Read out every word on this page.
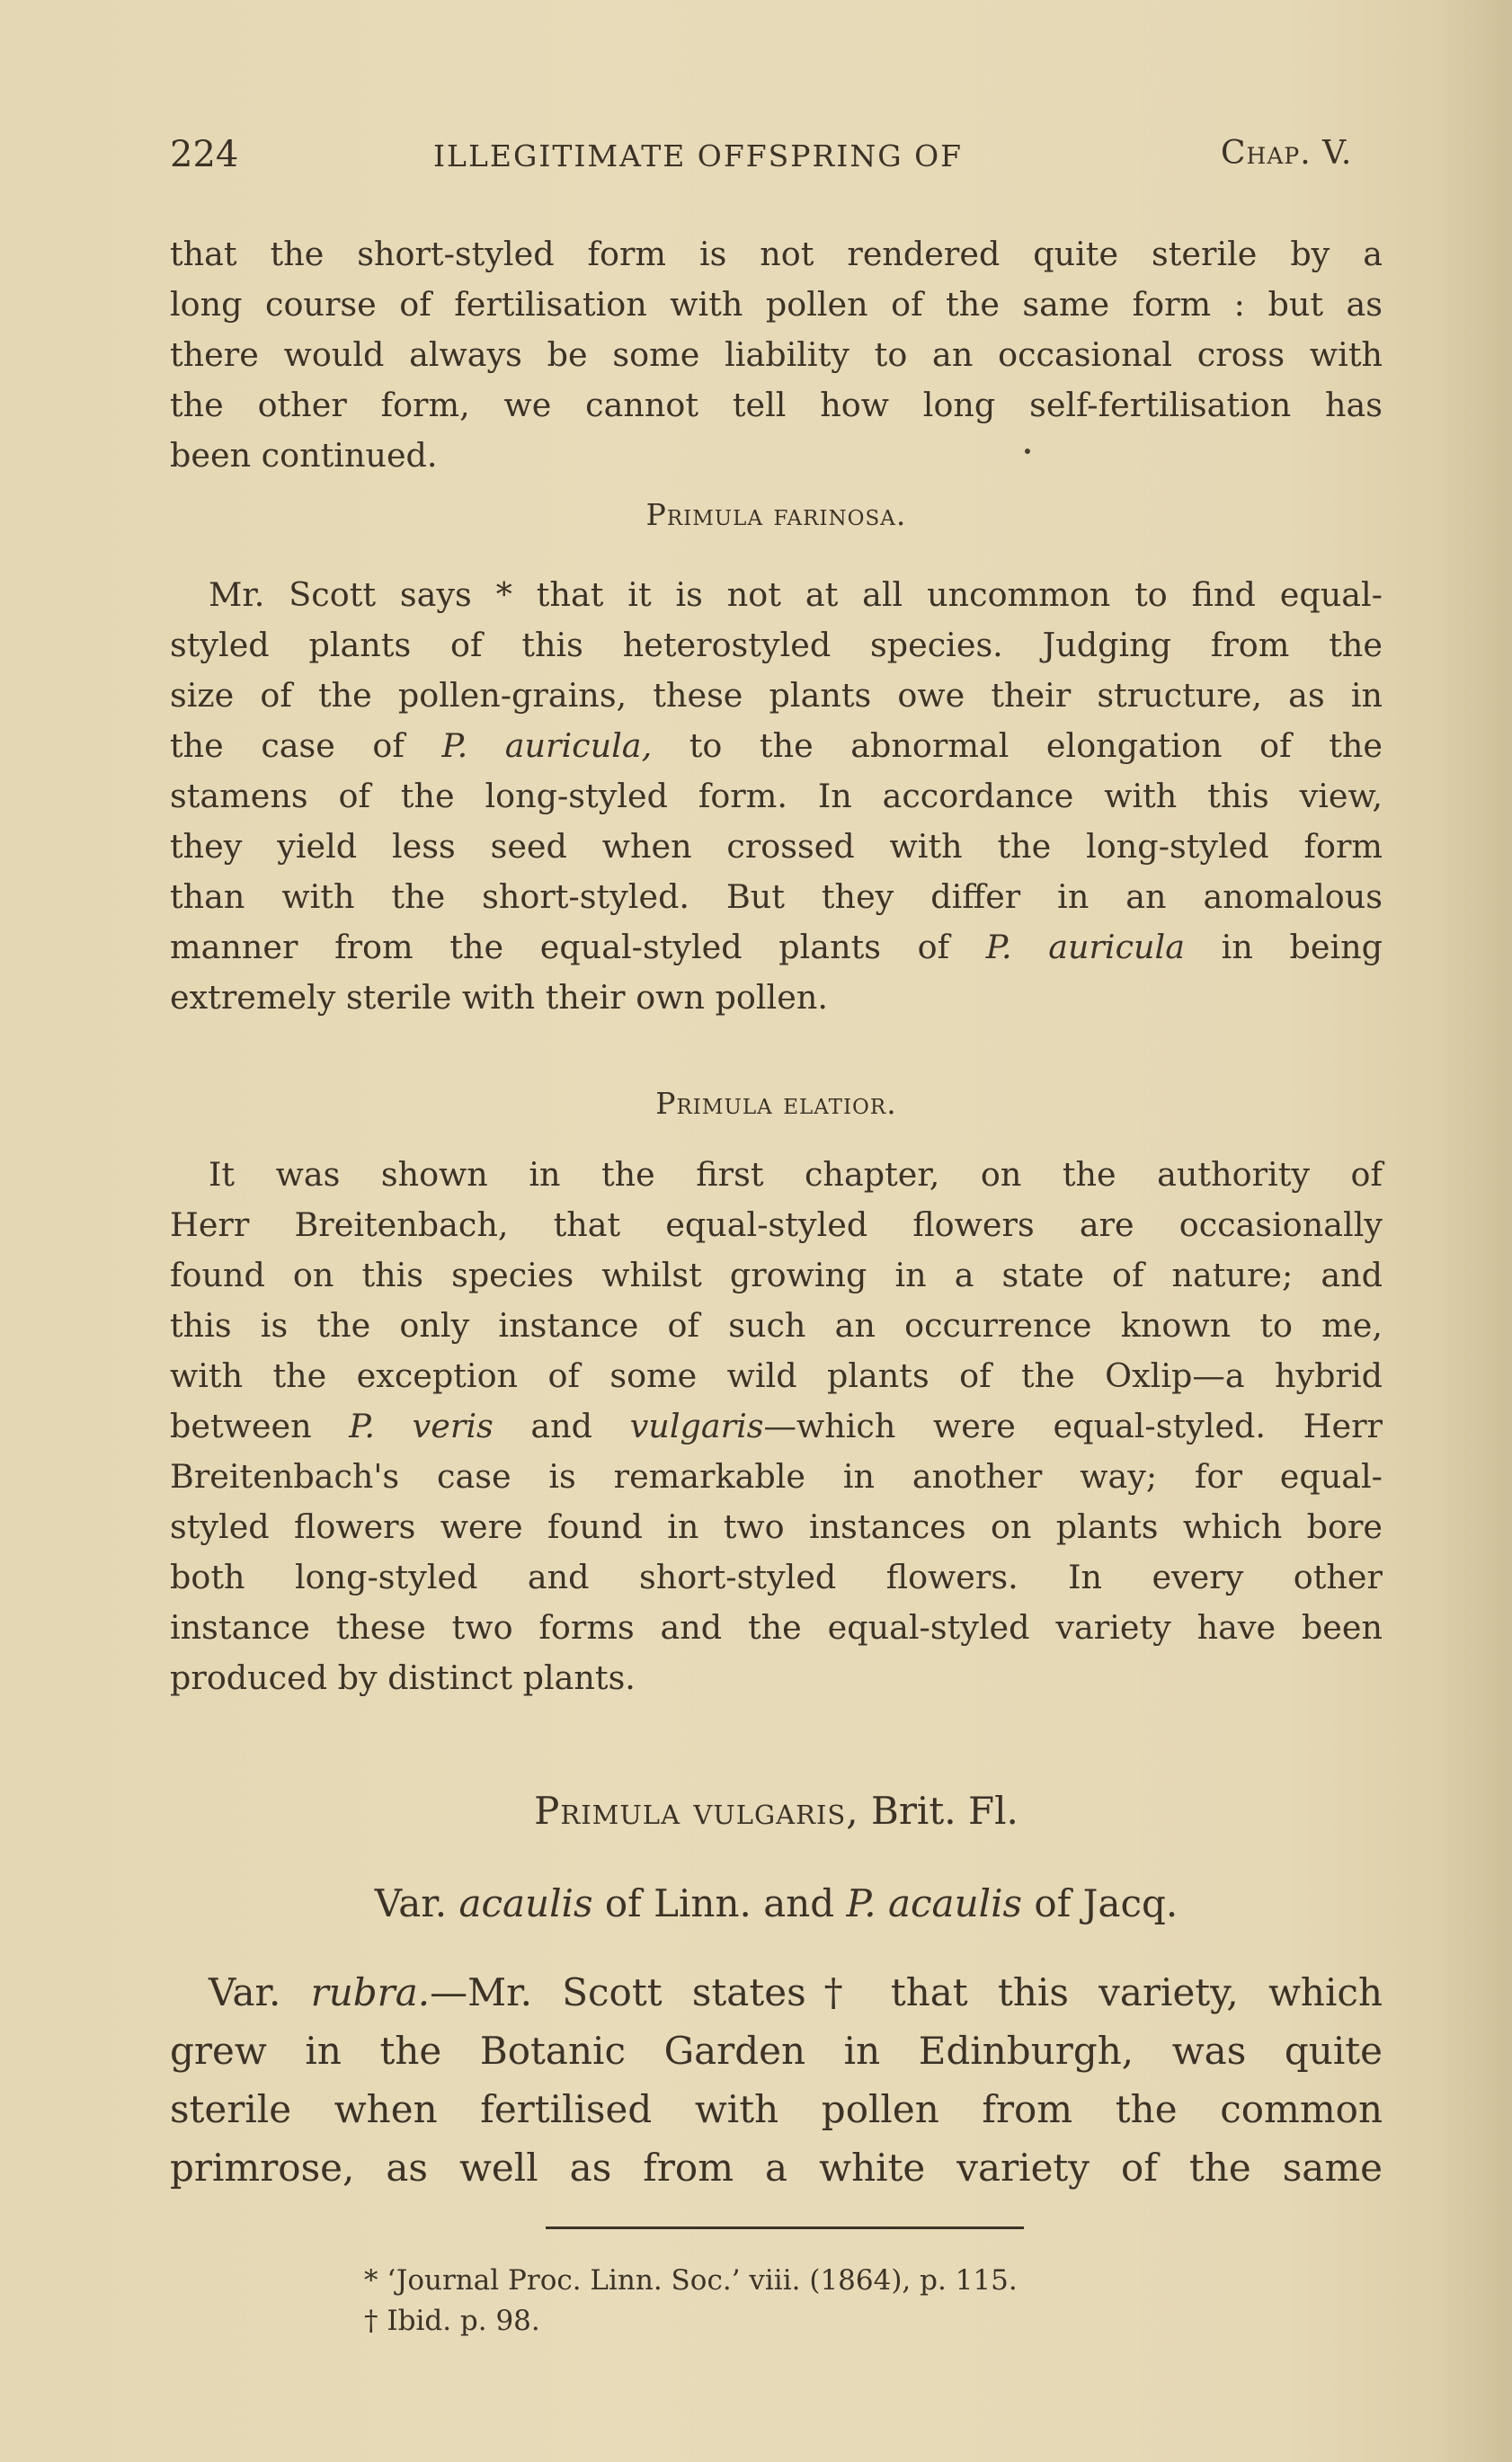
224	ILLEGITIMATE OFFSPRING OF	Chap. V.
that the short-styled form is not rendered quite sterile by a
long course of fertilisation with pollen of the same form : but as
there would always be some liability to an occasional cross with
the other form, we cannot tell how long self-fertilisation has
been continued.
Primula farinosa.
Mr. Scott says * that it is not at all uncommon to find equal-
styled plants of this heterostyled species. Judging from the
size of the pollen-grains, these plants owe their structure, as in
the case of P. auricula, to the abnormal elongation of the
stamens of the long-styled form. In accordance with this view,
they yield less seed when crossed with the long-styled form
than with the short-styled. But they differ in an anomalous
manner from the equal-styled plants of P. auricula in being
extremely sterile with their own pollen.
Primula elatior.
It was shown in the first chapter, on the authority of
Herr Breitenbach, that equal-styled flowers are occasionally
found on this species whilst growing in a state of nature; and
this is the only instance of such an occurrence known to me,
with the exception of some wild plants of the Oxlip—a hybrid
between P. veris and vulgaris—which were equal-styled. Herr
Breitenbach's case is remarkable in another way; for equal-
styled flowers were found in two instances on plants which bore
both long-styled and short-styled flowers. In every other
instance these two forms and the equal-styled variety have been
produced by distinct plants.
Primula vulgaris, Brit. Fl.
Var. acaulis of Linn. and P. acaulis of Jacq.
Var. rubra.—Mr. Scott states† that this variety, which
grew in the Botanic Garden in Edinburgh, was quite
sterile when fertilised with pollen from the common
primrose, as well as from a white variety of the same
* ‘Journal Proc. Linn. Soc.’ viii. (1864), p. 115.
† Ibid. p. 98.
